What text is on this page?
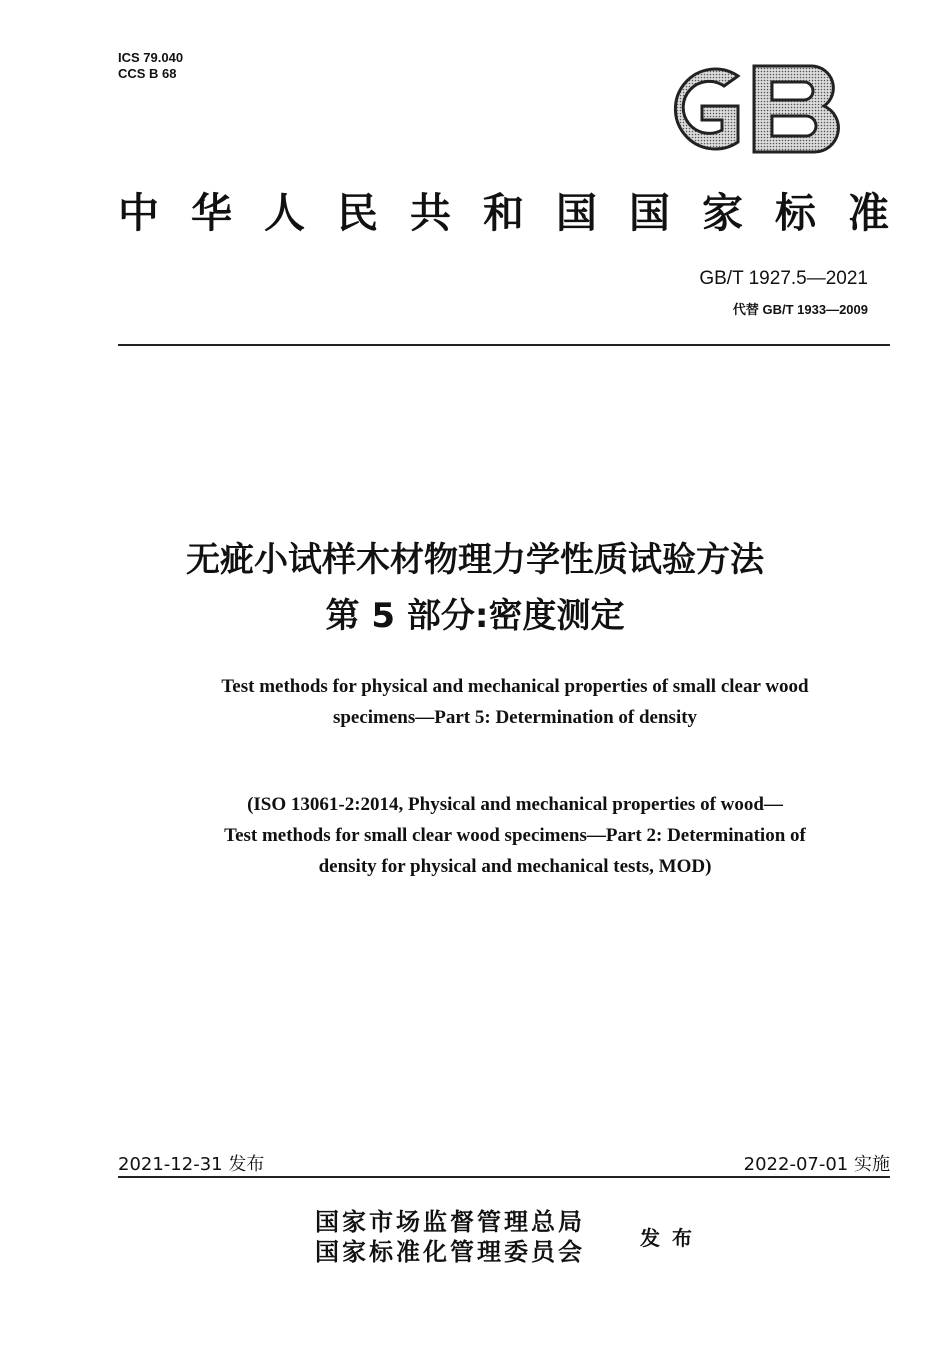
ICS 79.040
CCS B 68
中华人民共和国国家标准
GB/T 1927.5—2021
代替 GB/T 1933—2009
无疵小试样木材物理力学性质试验方法
第 5 部分:密度测定
Test methods for physical and mechanical properties of small clear wood
specimens—Part 5: Determination of density
(ISO 13061-2:2014, Physical and mechanical properties of wood—
Test methods for small clear wood specimens—Part 2: Determination of
density for physical and mechanical tests, MOD)
2021-12-31 发布	2022-07-01 实施
国家市场监督管理总局
国家标准化管理委员会	发布
